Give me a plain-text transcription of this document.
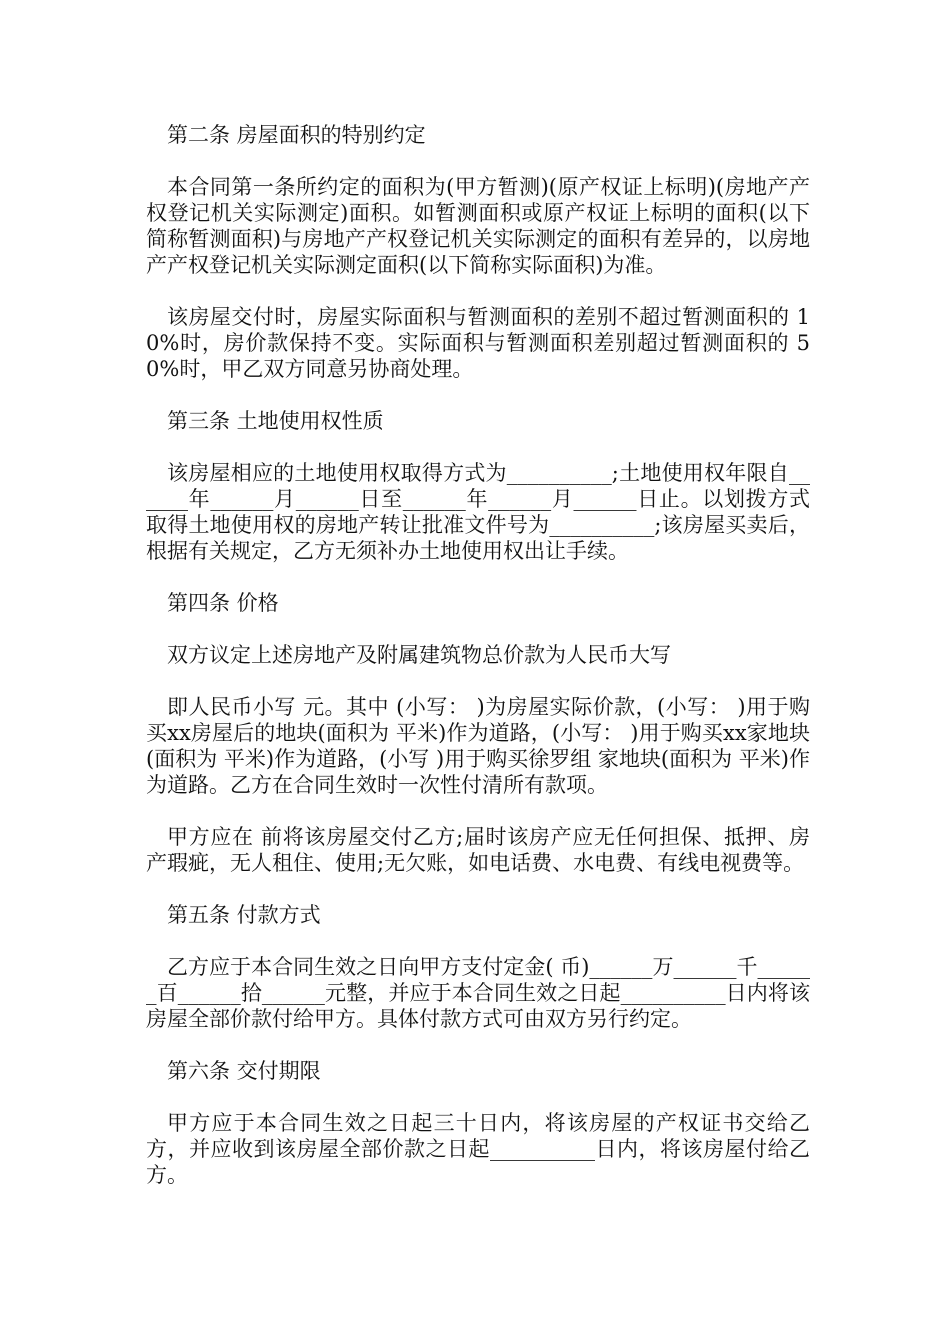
第二条 房屋面积的特别约定
本合同第一条所约定的面积为(甲方暂测)(原产权证上标明)(房地产产权登记机关实际测定)面积。如暂测面积或原产权证上标明的面积(以下简称暂测面积)与房地产产权登记机关实际测定的面积有差异的，以房地产产权登记机关实际测定面积(以下简称实际面积)为准。
该房屋交付时，房屋实际面积与暂测面积的差别不超过暂测面积的 10%时，房价款保持不变。实际面积与暂测面积差别超过暂测面积的 50%时，甲乙双方同意另协商处理。
第三条 土地使用权性质
该房屋相应的土地使用权取得方式为__________;土地使用权年限自______年______月______日至______年______月______日止。以划拨方式取得土地使用权的房地产转让批准文件号为__________;该房屋买卖后，根据有关规定，乙方无须补办土地使用权出让手续。
第四条 价格
双方议定上述房地产及附属建筑物总价款为人民币大写
即人民币小写 元。其中 (小写： )为房屋实际价款，(小写： )用于购买xx房屋后的地块(面积为 平米)作为道路，(小写： )用于购买xx家地块(面积为 平米)作为道路，(小写 )用于购买徐罗组 家地块(面积为 平米)作为道路。乙方在合同生效时一次性付清所有款项。
甲方应在 前将该房屋交付乙方;届时该房产应无任何担保、抵押、房产瑕疵，无人租住、使用;无欠账，如电话费、水电费、有线电视费等。
第五条 付款方式
乙方应于本合同生效之日向甲方支付定金( 币)______万______千______百______拾______元整，并应于本合同生效之日起__________日内将该房屋全部价款付给甲方。具体付款方式可由双方另行约定。
第六条 交付期限
甲方应于本合同生效之日起三十日内，将该房屋的产权证书交给乙方，并应收到该房屋全部价款之日起__________日内，将该房屋付给乙方。
